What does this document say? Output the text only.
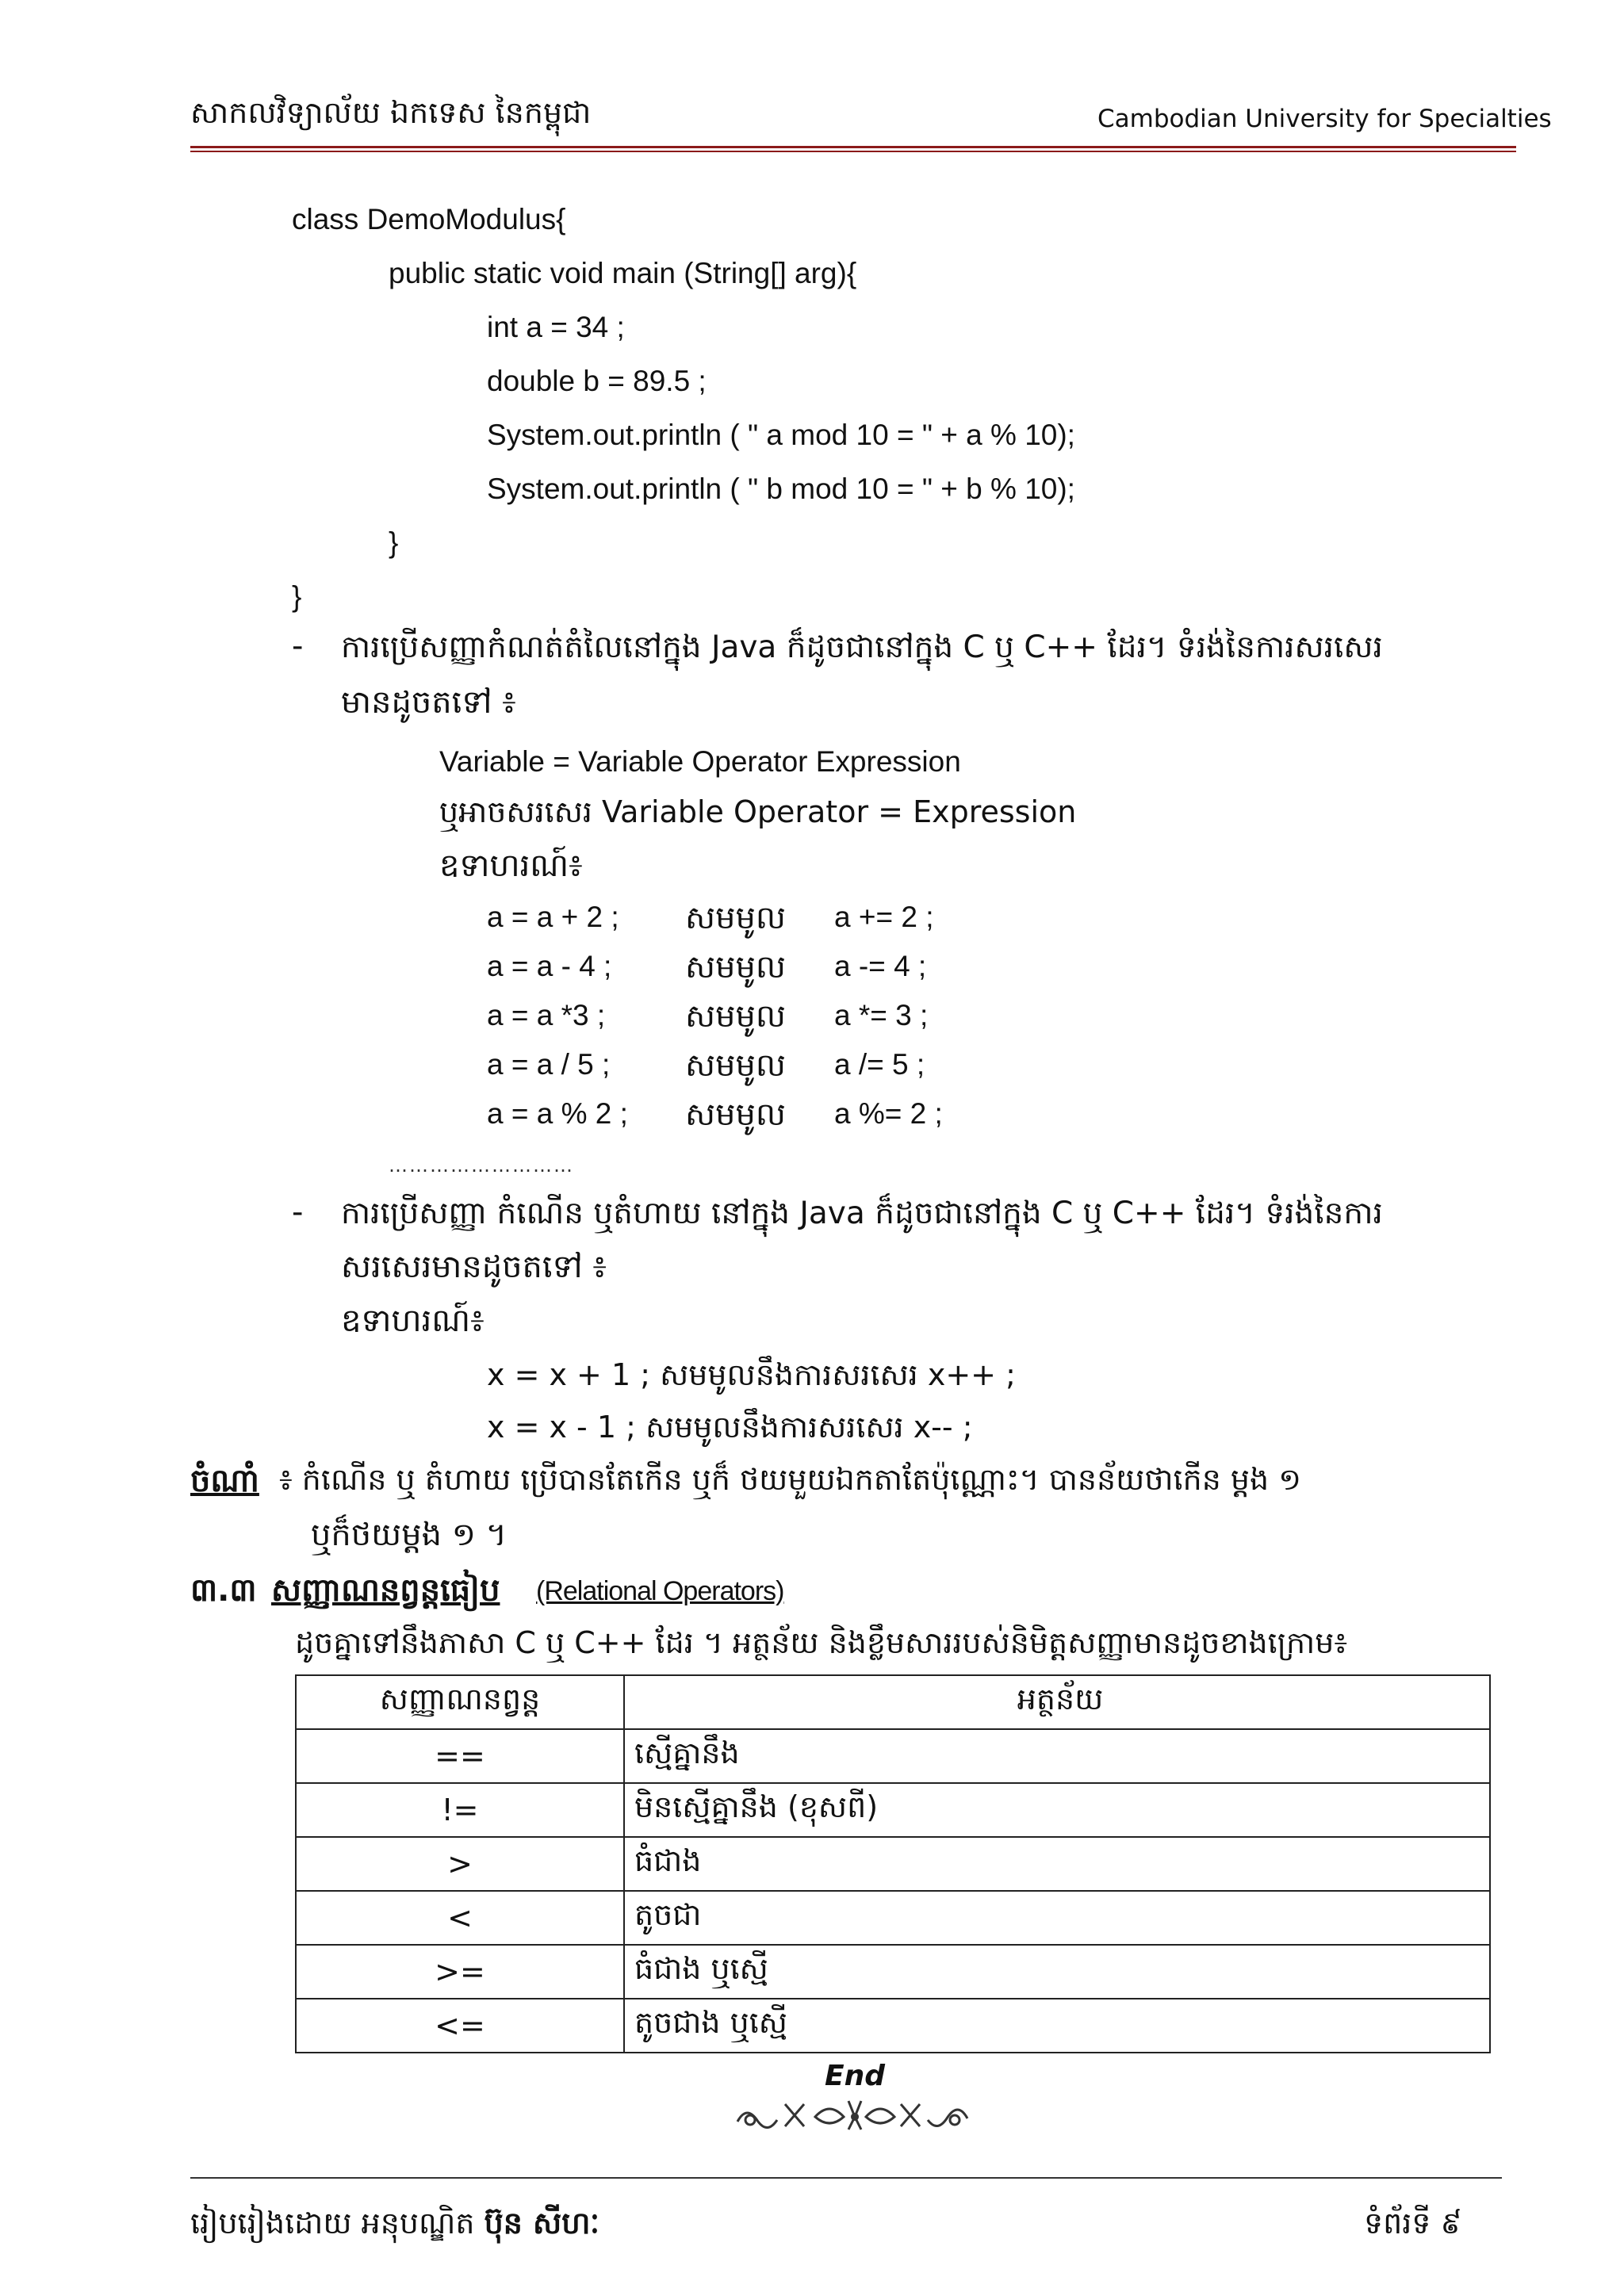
សាកលវិទ្យាល័យ ឯកទេស នៃកម្ពុជា	Cambodian University for Specialties
class DemoModulus{
public static void main (String[] arg){
int a = 34 ;
double b = 89.5 ;
System.out.println ( " a mod 10 = " + a % 10);
System.out.println ( " b mod 10 = " + b % 10);
}
}
- ការប្រើសញ្ញាកំណត់តំលៃនៅក្នុង Java ក៏ដូចជានៅក្នុង C ឬ C++ ដែរ។ ទំរង់នៃការសរសេរ
មានដូចតទៅ ៖
Variable = Variable Operator Expression
ឬអាចសរសេរ Variable Operator = Expression
ឧទាហរណ៍៖
a = a + 2 ; សមមូល a += 2 ;
a = a - 4 ; សមមូល a -= 4 ;
a = a *3 ;	សមមូល a *= 3 ;
a = a / 5 ; សមមូល a /= 5 ;
a = a % 2 ; សមមូល a %= 2 ;
………………………
- ការប្រើសញ្ញា កំណើន ឬតំហាយ នៅក្នុង Java ក៏ដូចជានៅក្នុង C ឬ C++ ដែរ។ ទំរង់នៃការ
សរសេរមានដូចតទៅ ៖
ឧទាហរណ៍៖
x = x + 1 ; សមមូលនឹងការសរសេរ x++ ;
x = x - 1 ; សមមូលនឹងការសរសេរ x-- ;
ចំណាំ ៖ កំណើន ឬ តំហាយ ប្រើបានតែកើន ឬក៏ ថយមួយឯកតាតែប៉ុណ្ណោះ។ បានន័យថាកើន ម្តង ១
ឬក៏ថយម្តង ១ ។
៣.៣ សញ្ញាណនព្វន្តធៀប (Relational Operators)
ដូចគ្នាទៅនឹងភាសា C ឬ C++ ដែរ ។ អត្ថន័យ និងខ្លឹមសាររបស់និមិត្តសញ្ញាមានដូចខាងក្រោម៖
សញ្ញាណនព្វន្ត	អត្ថន័យ
==	ស្មើគ្នានឹង
!=	មិនស្មើគ្នានឹង (ខុសពី)
>	ធំជាង
<	តូចជា
>=	ធំជាង ឬស្មើ
<=	តូចជាង ឬស្មើ
End
រៀបរៀងដោយ អនុបណ្ឌិត ប៊ុន សីហៈ	ទំព័រទី ៩
